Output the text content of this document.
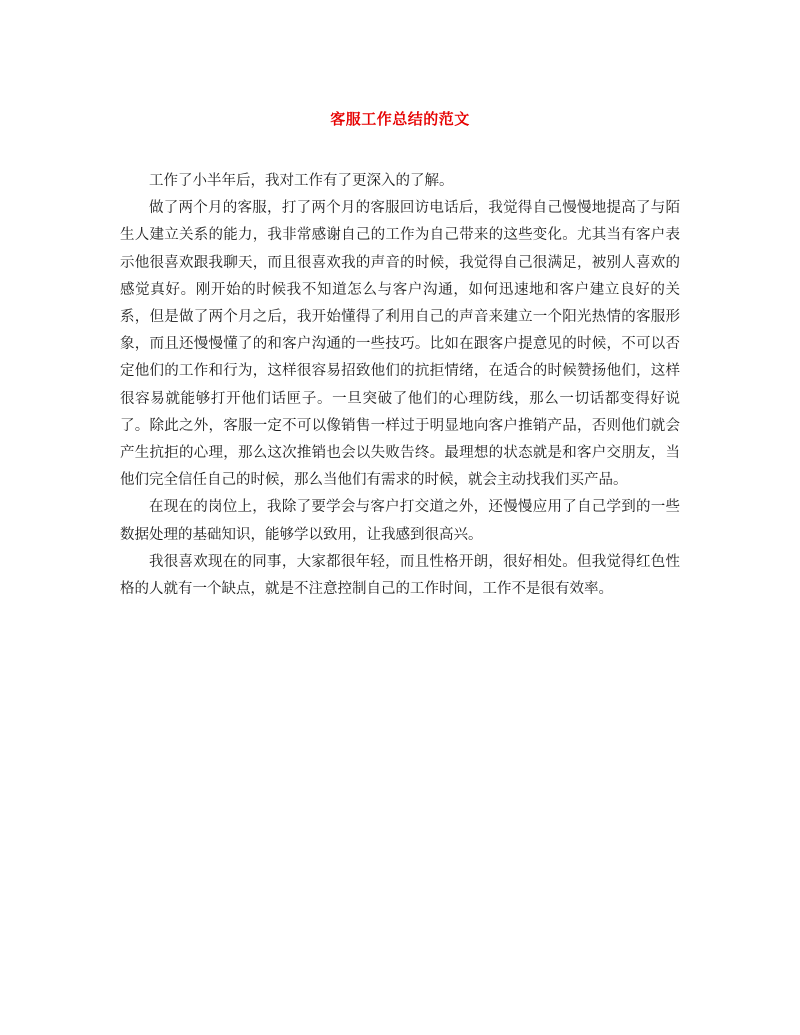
客服工作总结的范文

工作了小半年后，我对工作有了更深入的了解。

做了两个月的客服，打了两个月的客服回访电话后，我觉得自己慢慢地提高了与陌生人建立关系的能力，我非常感谢自己的工作为自己带来的这些变化。尤其当有客户表示他很喜欢跟我聊天，而且很喜欢我的声音的时候，我觉得自己很满足，被别人喜欢的感觉真好。刚开始的时候我不知道怎么与客户沟通，如何迅速地和客户建立良好的关系，但是做了两个月之后，我开始懂得了利用自己的声音来建立一个阳光热情的客服形象，而且还慢慢懂了的和客户沟通的一些技巧。比如在跟客户提意见的时候，不可以否定他们的工作和行为，这样很容易招致他们的抗拒情绪，在适合的时候赞扬他们，这样很容易就能够打开他们话匣子。一旦突破了他们的心理防线，那么一切话都变得好说了。除此之外，客服一定不可以像销售一样过于明显地向客户推销产品，否则他们就会产生抗拒的心理，那么这次推销也会以失败告终。最理想的状态就是和客户交朋友，当他们完全信任自己的时候，那么当他们有需求的时候，就会主动找我们买产品。

在现在的岗位上，我除了要学会与客户打交道之外，还慢慢应用了自己学到的一些数据处理的基础知识，能够学以致用，让我感到很高兴。

我很喜欢现在的同事，大家都很年轻，而且性格开朗，很好相处。但我觉得红色性格的人就有一个缺点，就是不注意控制自己的工作时间，工作不是很有效率。
